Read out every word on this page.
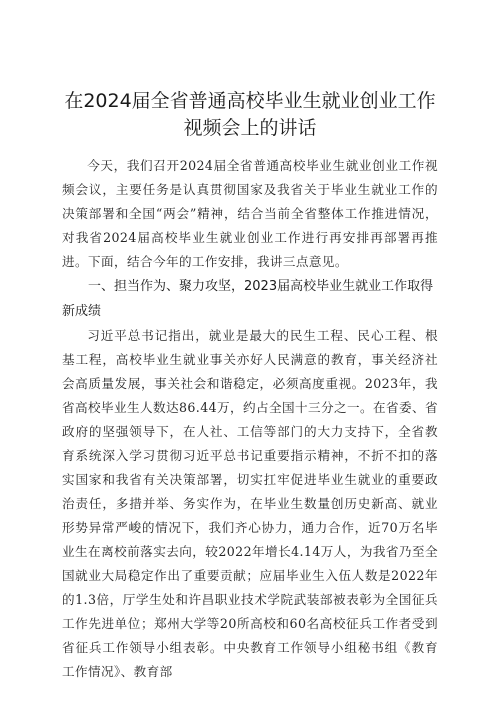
在2024届全省普通高校毕业生就业创业工作
视频会上的讲话

今天，我们召开2024届全省普通高校毕业生就业创业工作视频会议，主要任务是认真贯彻国家及我省关于毕业生就业工作的决策部署和全国“两会”精神，结合当前全省整体工作推进情况，对我省2024届高校毕业生就业创业工作进行再安排再部署再推进。下面，结合今年的工作安排，我讲三点意见。

一、担当作为、聚力攻坚，2023届高校毕业生就业工作取得新成绩

习近平总书记指出，就业是最大的民生工程、民心工程、根基工程，高校毕业生就业事关亦好人民满意的教育，事关经济社会高质量发展，事关社会和谐稳定，必须高度重视。2023年，我省高校毕业生人数达86.44万，约占全国十三分之一。在省委、省政府的坚强领导下，在人社、工信等部门的大力支持下，全省教育系统深入学习贯彻习近平总书记重要指示精神，不折不扣的落实国家和我省有关决策部署，切实扛牢促进毕业生就业的重要政治责任，多措并举、务实作为，在毕业生数量创历史新高、就业形势异常严峻的情况下，我们齐心协力，通力合作，近70万名毕业生在离校前落实去向，较2022年增长4.14万人，为我省乃至全国就业大局稳定作出了重要贡献；应届毕业生入伍人数是2022年的1.3倍，厅学生处和许昌职业技术学院武装部被表彰为全国征兵工作先进单位；郑州大学等20所高校和60名高校征兵工作者受到省征兵工作领导小组表彰。中央教育工作领导小组秘书组《教育工作情况》、教育部
